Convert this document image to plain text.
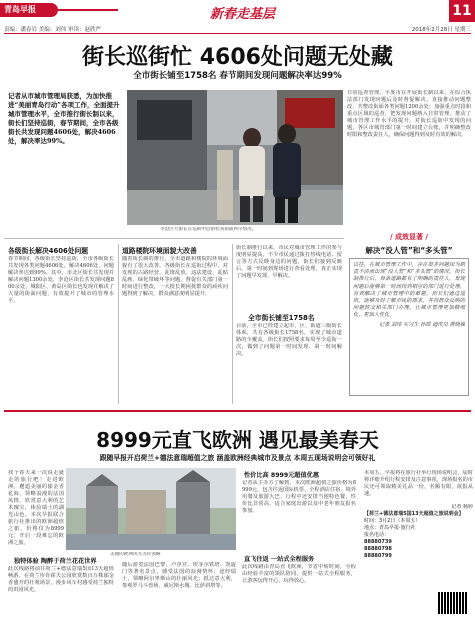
青岛早报	新春走基层	11
责编：潘春岩 美编：刘伟 审读：赵欣严	2018年2月28日 星期三
街长巡街忙 4606处问题无处藏
全市街长铺至1758名 春节期间发现问题解决率达99%
记者从市城市管理局获悉，为加快推进“美丽青岛行动”各项工作，全面提升城市管理水平，全市推行街长制以来，街长们坚持巡街，春节期间，全市各级街长共发现问题4606处，解决4606处，解决率达99%。
李沧区大街长在巡街中沿街检查街面秩序情况。
日常巡查管理，平度市在开展街长制以来，在综合执法部门发现问题后及时督促解决，直接推动问题整改，共整改街面各类问题1200余处；加强重点时段和重点区域的巡查，把发现问题纳入日常管理，推动了城市管理工作水平的提升。对街长巡街中发现的问题，各区市城管部门第一时间建立台账，并明确整改时限和整改责任人，确保问题得到及时有效的解决。
各级街长解决4606处问题
春节期间，各级街长坚持巡街，全市各级街长共发现各类问题4606处，解决4606处，问题解决率达到99%。其中，市北区街长共发现并解决问题1300余处，李沧区街长共发现问题800余处，城阳区、黄岛区街长也发现并解决了大量的街面问题，有效提升了城市的管理水平。
道路楼院环境面貌大改善
随着街长制的推行，全市道路和楼院的环境面貌有了很大改善。各级街长在巡街过程中，对发现的占路经营、乱堆乱放、违法建设、乱贴乱画、绿化带破坏等问题，督促有关部门第一时间进行整改，一大批长期困扰群众的顽疾问题得到了解决，群众满意度明显提升。
街长制推行以来，市民对城市管理工作的参与度明显提高，不少市民通过拨打热线电话、留言等方式反映身边的问题，街长们接到反映后，第一时间到现场进行查看处理，真正实现了问题早发现、早解决。
全市街长铺至1758名
目前，全市已经建立起市、区、街道三级街长体系，共有各级街长1758名，实现了城市道路的全覆盖。街长们按照要求每周至少巡街一次，做到了问题第一时间发现、第一时间解决。
/ 成效显著 /
解决“没人管”和“多头管”
以往，在城市管理工作中，存在很多问题因为职责不清而出现“没人管”和“多头管”的情况。街长制推行后，每条道路都有了明确的责任人，发现问题后能够第一时间找到相应的部门进行处理，有效解决了城市管理中的难题。街长们通过巡街，能够及时了解市民的需求，并将群众反映的问题转交相关部门办理，让城市管理更加精细化、更加人性化。
记者 刘玮 实习生 孙瑶 通讯员 曹晓娣
8999元直飞欧洲 遇见最美春天
跟随早报开启荷兰+德法意瑞超值之旅 涵盖欧洲经典城市及景点 本周五现场说明会可领好礼
找个春天来一次说走就走的旅行吧！走进欧洲，邂逅美丽的郁金香花海，领略浪漫的法国风情，欣赏意大利的艺术瑰宝，体验瑞士的湖光山色。本次早报联合旅行社推出的欧洲超值之旅，价格仅为8999元，开启一段难忘的欧洲之旅。
美丽的欧洲风光等你领略
独特体验 陶醉于荷兰花花世界
此次线路将前往荷兰+德法意瑞5国13天超值畅游，在荷兰库肯霍夫公园欣赏数百万株郁金香盛开的壮观场景，漫步风车村感受荷兰独特的田园风光。
随后游览法国巴黎、卢浮宫、埃菲尔铁塔、凯旋门等著名景点，感受法国的浪漫情怀；途经瑞士，领略阿尔卑斯山的壮丽风光；抵达意大利，参观罗马斗兽场、威尼斯水城、比萨斜塔等。
性价比高 8999元超值优惠
记者从主办方了解到，本次欧洲超值之旅价格为8999元，包含往返国际机票、全程酒店住宿、境外用餐及旅游大巴，行程中还安排当地特色餐，性价比非常高，适合家庭出游以及中老年朋友报名参加。
直飞往返 一站式全程服务
此次线路由青岛直飞欧洲，节省中转时间，全程由经验丰富的领队陪同，提供一站式全程服务，让游客玩得开心、玩得放心。
本周五，早报将在旅行社举行现场说明会，届时将详细介绍行程安排及注意事项，现场报名的市民还可领取精美礼品一份，名额有限，欲报从速。
记者 杨婷
【荷兰+德法意瑞5国13天超值之旅说明会】
时间：3月2日（本周五）
地点：青岛早报·旅行社
报名电话：
88880739
88880798
88880799
